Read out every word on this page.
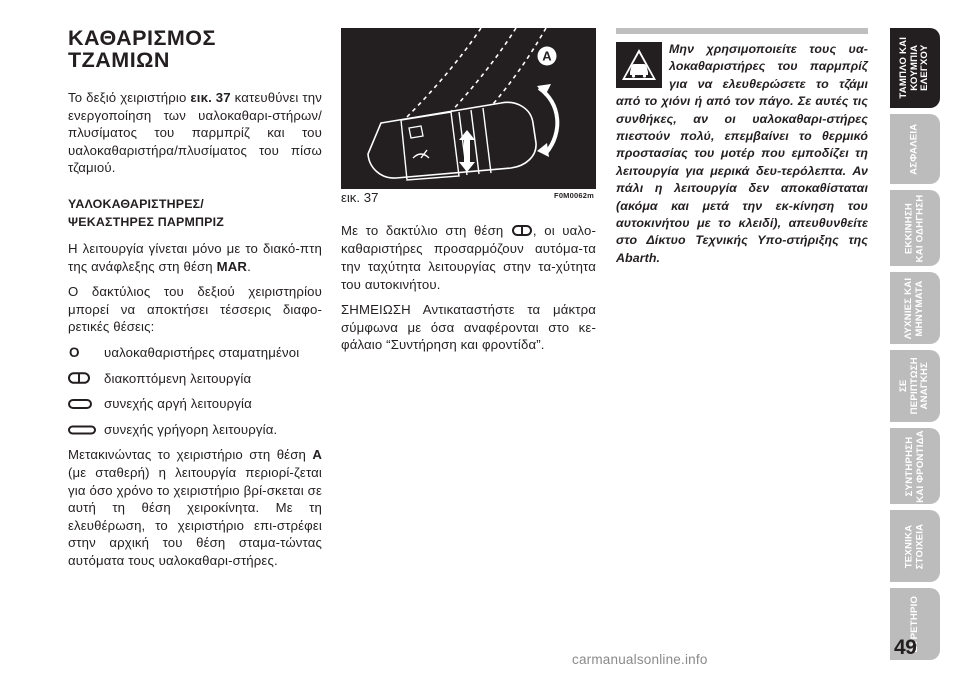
ΚΑΘΑΡΙΣΜΟΣ ΤΖΑΜΙΩΝ

Το δεξιό χειριστήριο εικ. 37 κατευθύνει την ενεργοποίηση των υαλοκαθαρι-στήρων/πλυσίματος του παρμπρίζ και του υαλοκαθαριστήρα/πλυσίματος του πίσω τζαμιού.

ΥΑΛΟΚΑΘΑΡΙΣΤΗΡΕΣ/
ΨΕΚΑΣΤΗΡΕΣ ΠΑΡΜΠΡΙΖ

Η λειτουργία γίνεται μόνο με το διακό-πτη της ανάφλεξης στη θέση MAR.

Ο δακτύλιος του δεξιού χειριστηρίου μπορεί να αποκτήσει τέσσερις διαφο-ρετικές θέσεις:

O υαλοκαθαριστήρες σταματημένοι
διακοπτόμενη λειτουργία
συνεχής αργή λειτουργία
συνεχής γρήγορη λειτουργία.

Μετακινώντας το χειριστήριο στη θέση A (με σταθερή) η λειτουργία περιορί-ζεται για όσο χρόνο το χειριστήριο βρί-σκεται σε αυτή τη θέση χειροκίνητα. Με τη ελευθέρωση, το χειριστήριο επι-στρέφει στην αρχική του θέση σταμα-τώντας αυτόματα τους υαλοκαθαρι-στήρες.

A
εικ. 37	F0M0062m

Με το δακτύλιο στη θέση , οι υαλο-καθαριστήρες προσαρμόζουν αυτόμα-τα την ταχύτητα λειτουργίας στην τα-χύτητα του αυτοκινήτου.

ΣΗΜΕΙΩΣΗ Αντικαταστήστε τα μάκτρα σύμφωνα με όσα αναφέρονται στο κε-φάλαιο “Συντήρηση και φροντίδα”.

Μην χρησιμοποιείτε τους υα-λοκαθαριστήρες του παρμπρίζ για να ελευθερώσετε το τζάμι από το χιόνι ή από τον πάγο. Σε αυτές τις συνθήκες, αν οι υαλοκαθαρι-στήρες πιεστούν πολύ, επεμβαίνει το θερμικό προστασίας του μοτέρ που εμποδίζει τη λειτουργία για μερικά δευ-τερόλεπτα. Αν πάλι η λειτουργία δεν αποκαθίσταται (ακόμα και μετά την εκ-κίνηση του αυτοκινήτου με το κλειδί), απευθυνθείτε στο Δίκτυο Τεχνικής Υπο-στήριξης της Abarth.

ΤΑΜΠΛΟ ΚΑΙ
ΚΟΥΜΠΙΑ
ΕΛΕΓΧΟΥ
ΑΣΦΑΛΕΙΑ
ΕΚΚΙΝΗΣΗ
ΚΑΙ ΟΔΗΓΗΣΗ
ΛΥΧΝΙΕΣ ΚΑΙ
ΜΗΝΥΜΑΤΑ
ΣΕ
ΠΕΡΙΠΤΩΣΗ
ΑΝΑΓΚΗΣ
ΣΥΝΤΗΡΗΣΗ
ΚΑΙ ΦΡΟΝΤΙΔΑ
ΤΕΧΝΙΚΑ
ΣΤΟΙΧΕΙΑ
ΕΥΡΕΤΗΡΙΟ
49
carmanualsonline.info
